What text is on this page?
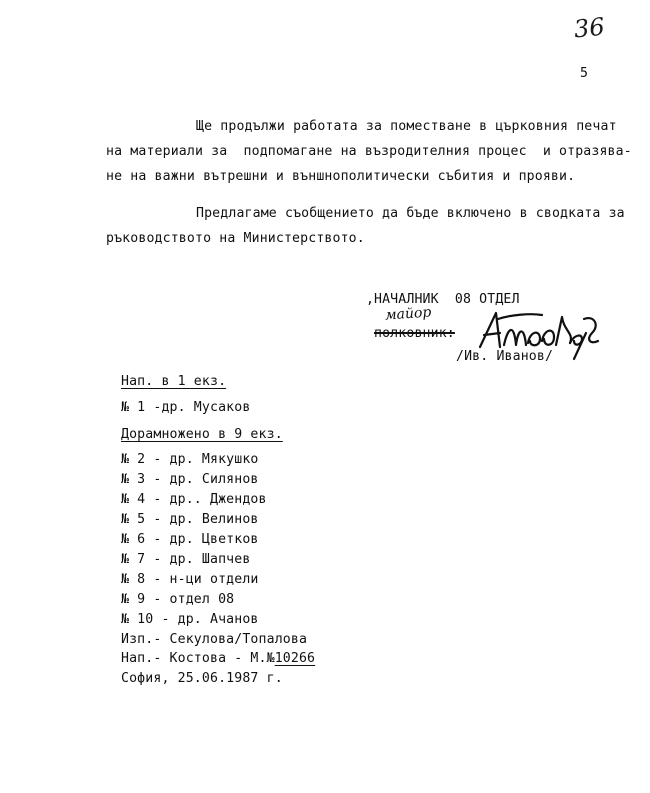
36
5
Ще продължи работата за поместване в църковния печат
на материали за  подпомагане на възродителния процес  и отразява-
не на важни вътрешни и външнополитически събития и прояви.
Предлагаме съобщението да бъде включено в сводката за
ръководството на Министерството.
, НАЧАЛНИК  08 ОТДЕЛ
майор
полковник:
/Ив. Иванов/
Нап. в 1 екз.
№ 1 -др. Мусаков
Дорамножено в 9 екз.
№ 2 - др. Мякушко
№ 3 - др. Силянов
№ 4 - др.. Джендов
№ 5 - др. Велинов
№ 6 - др. Цветков
№ 7 - др. Шапчев
№ 8 - н-ци отдели
№ 9 - отдел 08
№ 10 - др. Ачанов
Изп.- Секулова/Топалова
Нап.- Костова - М.№10266
София, 25.06.1987 г.
